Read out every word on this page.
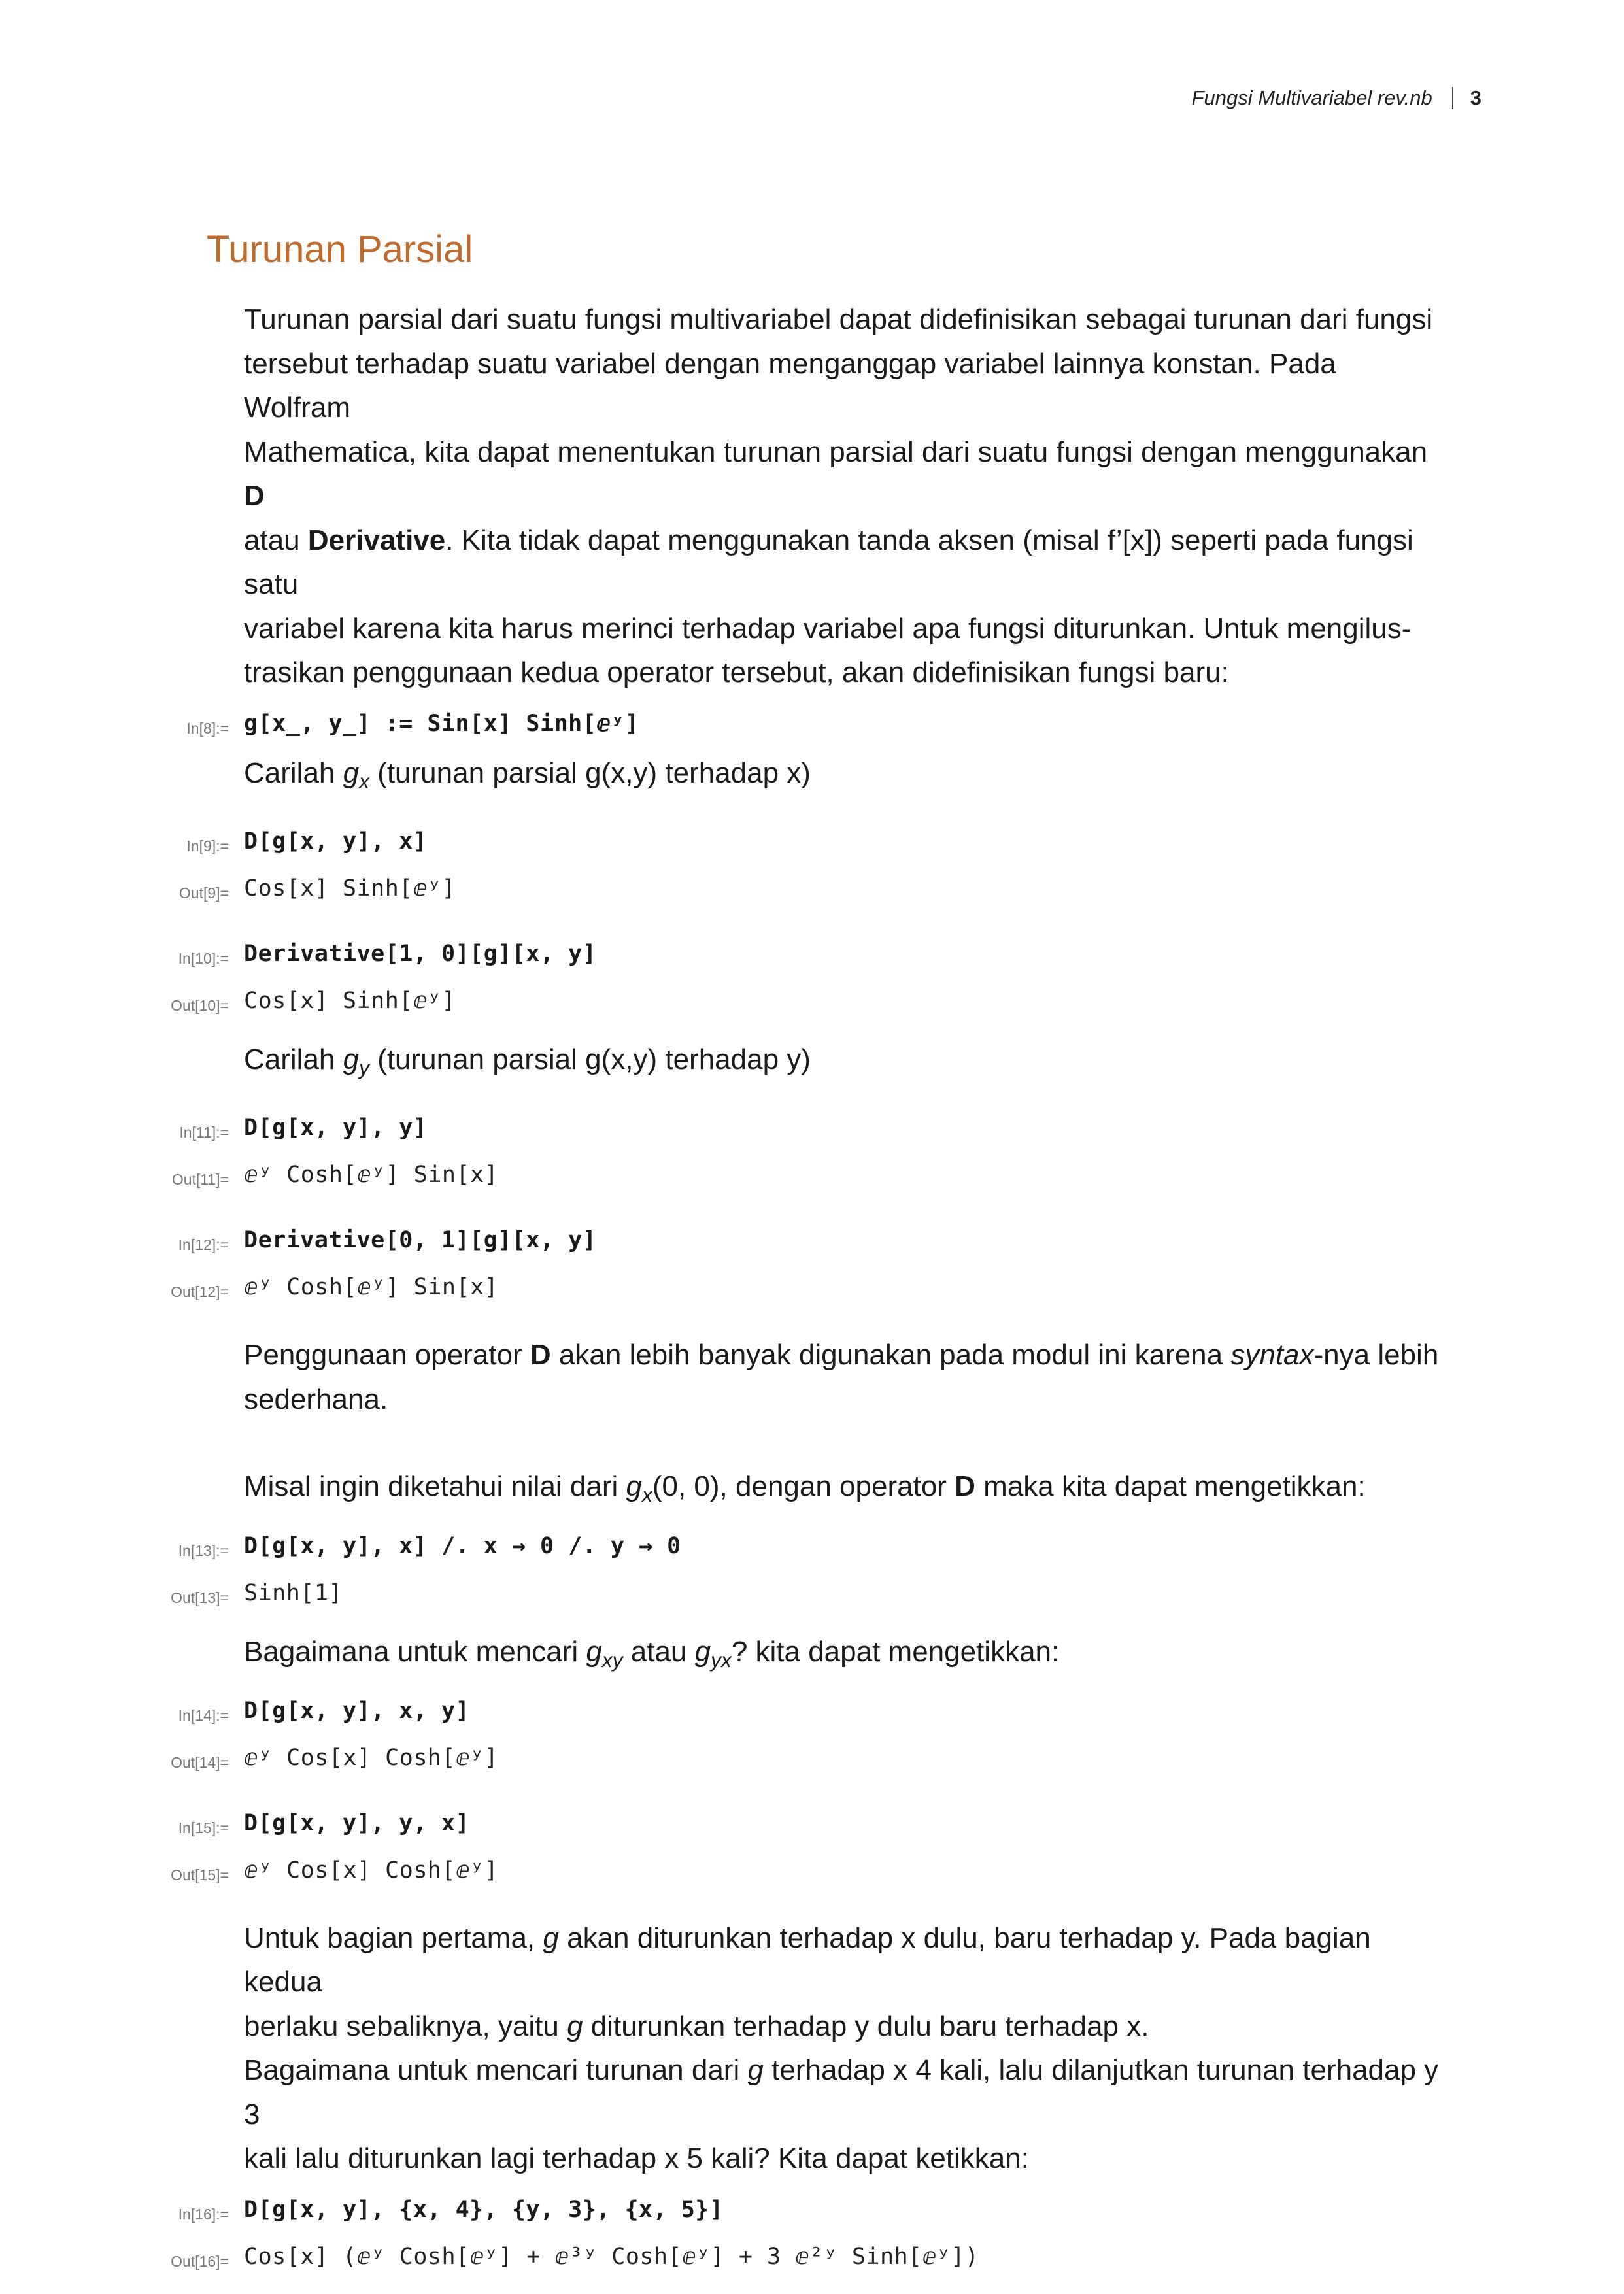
Fungsi Multivariabel rev.nb 3
Turunan Parsial
Turunan parsial dari suatu fungsi multivariabel dapat didefinisikan sebagai turunan dari fungsi
tersebut terhadap suatu variabel dengan menganggap variabel lainnya konstan. Pada Wolfram
Mathematica, kita dapat menentukan turunan parsial dari suatu fungsi dengan menggunakan D
atau Derivative. Kita tidak dapat menggunakan tanda aksen (misal f’[x]) seperti pada fungsi satu
variabel karena kita harus merinci terhadap variabel apa fungsi diturunkan. Untuk mengilus-
trasikan penggunaan kedua operator tersebut, akan didefinisikan fungsi baru:
In[8]:= g[x_, y_] := Sin[x] Sinh[ⅇʸ]
Carilah $g_x$ (turunan parsial g(x,y) terhadap x)
In[9]:= D[g[x, y], x]
Out[9]= Cos[x] Sinh[ⅇʸ]
In[10]:= Derivative[1, 0][g][x, y]
Out[10]= Cos[x] Sinh[ⅇʸ]
Carilah $g_y$ (turunan parsial g(x,y) terhadap y)
In[11]:= D[g[x, y], y]
Out[11]= ⅇʸ Cosh[ⅇʸ] Sin[x]
In[12]:= Derivative[0, 1][g][x, y]
Out[12]= ⅇʸ Cosh[ⅇʸ] Sin[x]
Penggunaan operator D akan lebih banyak digunakan pada modul ini karena syntax-nya lebih
sederhana.
Misal ingin diketahui nilai dari $g_x(0$, 0), dengan operator D maka kita dapat mengetikkan:
In[13]:= D[g[x, y], x] /. x → 0 /. y → 0
Out[13]= Sinh[1]
Bagaimana untuk mencari $g_{xy}$ atau $g_{yx}$? kita dapat mengetikkan:
In[14]:= D[g[x, y], x, y]
Out[14]= ⅇʸ Cos[x] Cosh[ⅇʸ]
In[15]:= D[g[x, y], y, x]
Out[15]= ⅇʸ Cos[x] Cosh[ⅇʸ]
Untuk bagian pertama, g akan diturunkan terhadap x dulu, baru terhadap y. Pada bagian kedua
berlaku sebaliknya, yaitu g diturunkan terhadap y dulu baru terhadap x.
Bagaimana untuk mencari turunan dari g terhadap x 4 kali, lalu dilanjutkan turunan terhadap y 3
kali lalu diturunkan lagi terhadap x 5 kali? Kita dapat ketikkan:
In[16]:= D[g[x, y], {x, 4}, {y, 3}, {x, 5}]
Out[16]= Cos[x] (ⅇʸ Cosh[ⅇʸ] + ⅇ³ʸ Cosh[ⅇʸ] + 3 ⅇ²ʸ Sinh[ⅇʸ])
